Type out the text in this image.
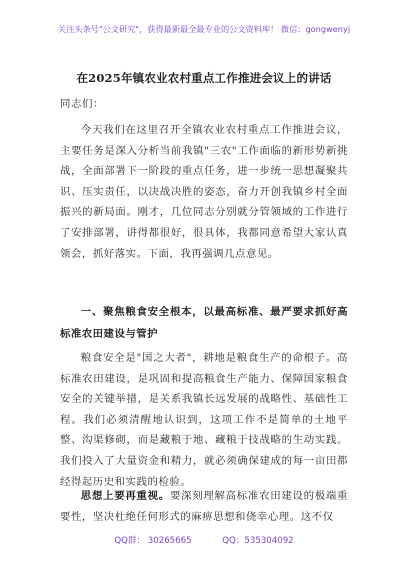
关注头条号"公文研究"，获得最新最全最专业的公文资料库！ 微信：gongwenyj
在2025年镇农业农村重点工作推进会议上的讲话
同志们：

今天我们在这里召开全镇农业农村重点工作推进会议，主要任务是深入分析当前我镇"三农"工作面临的新形势新挑战，全面部署下一阶段的重点任务，进一步统一思想凝聚共识、压实责任，以决战决胜的姿态，奋力开创我镇乡村全面振兴的新局面。刚才，几位同志分别就分管领域的工作进行了安排部署，讲得都很好，很具体，我都同意希望大家认真领会，抓好落实。下面，我再强调几点意见。

一、聚焦粮食安全根本，以最高标准、最严要求抓好高标准农田建设与管护

粮食安全是"国之大者"，耕地是粮食生产的命根子。高标准农田建设，是巩固和提高粮食生产能力、保障国家粮食安全的关键举措，是关系我镇长远发展的战略性、基础性工程。我们必须清醒地认识到，这项工作不是简单的土地平整、沟渠修砌，而是藏粮于地、藏粮于技战略的生动实践。我们投入了大量资金和精力，就必须确保建成的每一亩田都经得起历史和实践的检验。

思想上要再重视。要深刻理解高标准农田建设的极端重要性，坚决杜绝任何形式的麻痹思想和侥幸心理。这不仅

QQ群： 30265665	QQ：535304092
